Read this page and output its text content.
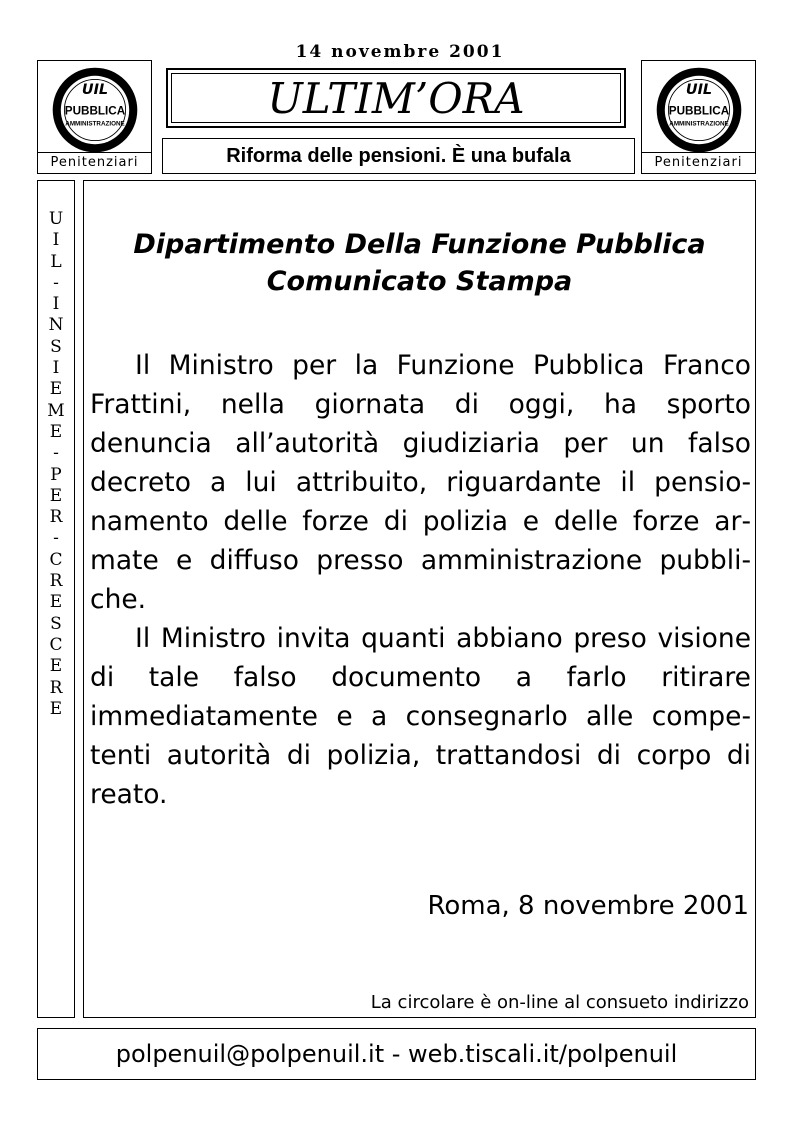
14 novembre 2001
UIL
PUBBLICA
AMMINISTRAZIONE
Penitenziari
UIL
PUBBLICA
AMMINISTRAZIONE
Penitenziari
ULTIM’ORA
Riforma delle pensioni. È una bufala
U
I
L
-
I
N
S
I
E
M
E
-
P
E
R
-
C
R
E
S
C
E
R
E
Dipartimento Della Funzione Pubblica
Comunicato Stampa
Il Ministro per la Funzione Pubblica Franco Frattini, nella giornata di oggi, ha sporto denuncia all’autorità giudiziaria per un falso decreto a lui attribuito, riguardante il pensionamento delle forze di polizia e delle forze armate e diffuso presso amministrazione pubbliche.
Il Ministro invita quanti abbiano preso visione di tale falso documento a farlo ritirare immediatamente e a consegnarlo alle competenti autorità di polizia, trattandosi di corpo di reato.
Roma, 8 novembre 2001
La circolare è on-line al consueto indirizzo
polpenuil@polpenuil.it - web.tiscali.it/polpenuil
